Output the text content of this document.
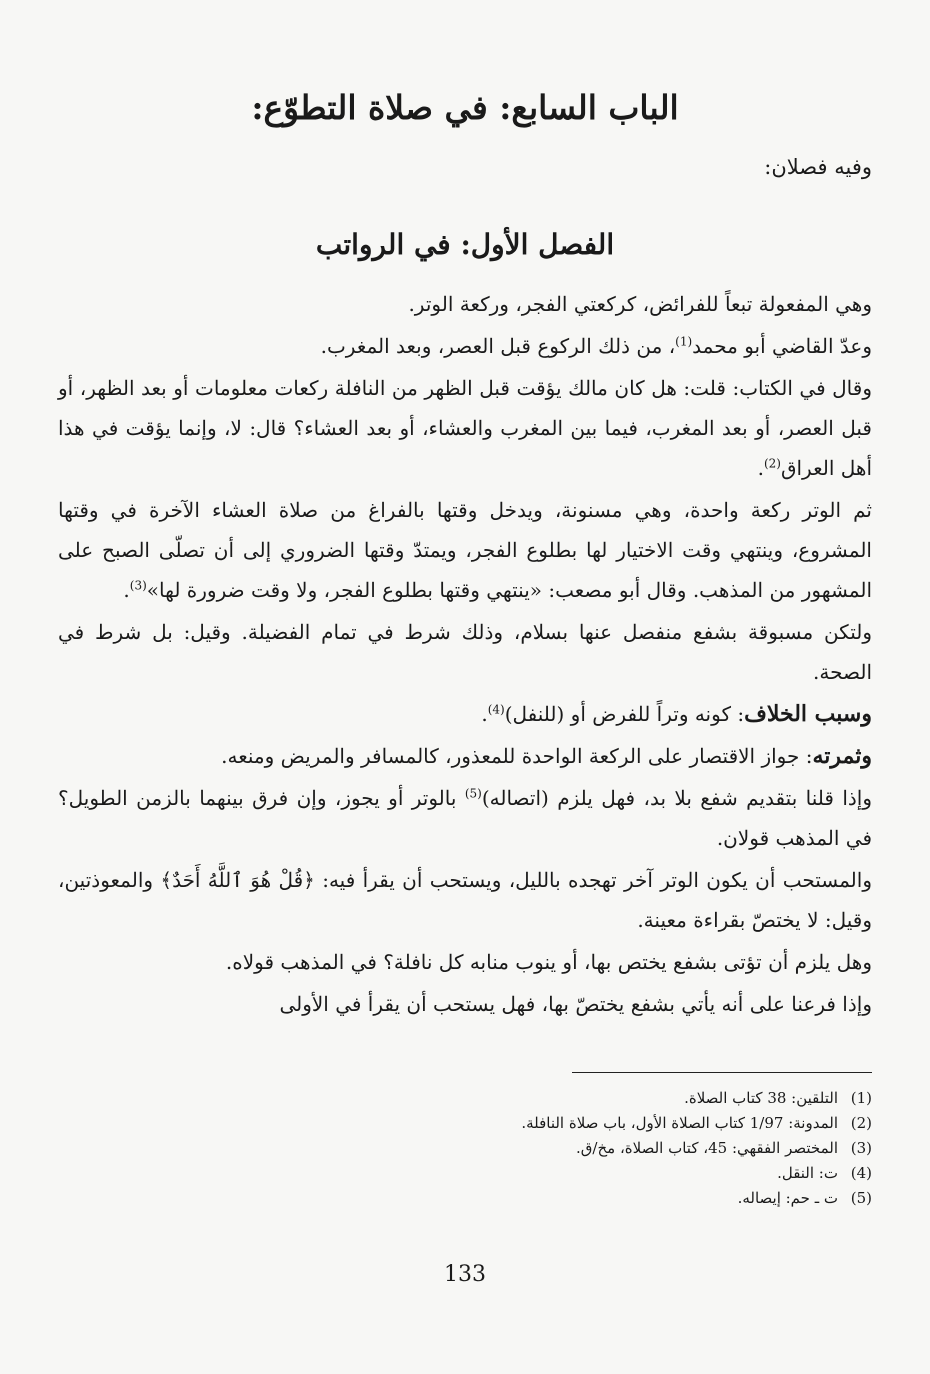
الباب السابع: في صلاة التطوّع:

وفيه فصلان:

الفصل الأول: في الرواتب

وهي المفعولة تبعاً للفرائض، كركعتي الفجر، وركعة الوتر.

وعدّ القاضي أبو محمد$^{(1)}$، من ذلك الركوع قبل العصر، وبعد المغرب.

وقال في الكتاب: قلت: هل كان مالك يؤقت قبل الظهر من النافلة ركعات معلومات أو بعد الظهر، أو قبل العصر، أو بعد المغرب، فيما بين المغرب والعشاء، أو بعد العشاء؟ قال: لا، وإنما يؤقت في هذا أهل العراق$^{(2)}$.

ثم الوتر ركعة واحدة، وهي مسنونة، ويدخل وقتها بالفراغ من صلاة العشاء الآخرة في وقتها المشروع، وينتهي وقت الاختيار لها بطلوع الفجر، ويمتدّ وقتها الضروري إلى أن تصلّى الصبح على المشهور من المذهب. وقال أبو مصعب: «ينتهي وقتها بطلوع الفجر، ولا وقت ضرورة لها»$^{(3)}$.

ولتكن مسبوقة بشفع منفصل عنها بسلام، وذلك شرط في تمام الفضيلة. وقيل: بل شرط في الصحة.

وسبب الخلاف: كونه وتراً للفرض أو (للنفل)$^{(4)}$.

وثمرته: جواز الاقتصار على الركعة الواحدة للمعذور، كالمسافر والمريض ومنعه.

وإذا قلنا بتقديم شفع بلا بد، فهل يلزم (اتصاله)$^{(5)}$ بالوتر أو يجوز، وإن فرق بينهما بالزمن الطويل؟ في المذهب قولان.

والمستحب أن يكون الوتر آخر تهجده بالليل، ويستحب أن يقرأ فيه: ﴿قُلْ هُوَ ٱللَّهُ أَحَدٌ﴾ والمعوذتين، وقيل: لا يختصّ بقراءة معينة.

وهل يلزم أن تؤتى بشفع يختص بها، أو ينوب منابه كل نافلة؟ في المذهب قولاه.

وإذا فرعنا على أنه يأتي بشفع يختصّ بها، فهل يستحب أن يقرأ في الأولى

(1)التلقين: 38 كتاب الصلاة.
(2)المدونة: 1/97 كتاب الصلاة الأول، باب صلاة النافلة.
(3)المختصر الفقهي: 45، كتاب الصلاة، مخ/ق.
(4)ت: النقل.
(5)ت ـ حم: إيصاله.

133
